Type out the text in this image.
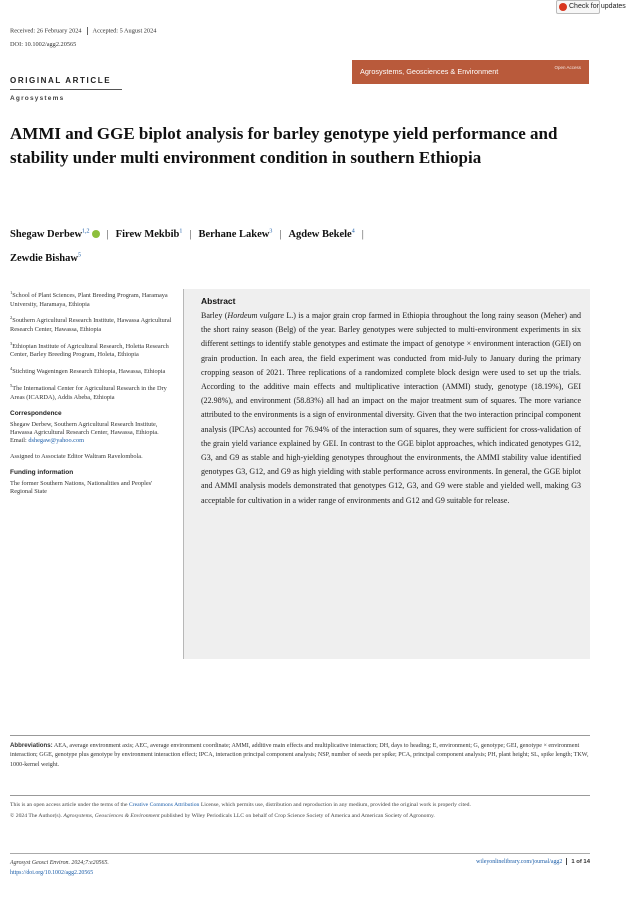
Check for updates
Received: 26 February 2024 Accepted: 5 August 2024
DOI: 10.1002/agg2.20565
ORIGINAL ARTICLE
Agrosystems
Agrosystems, Geosciences & Environment	Open Access
AMMI and GGE biplot analysis for barley genotype yield performance and stability under multi environment condition in southern Ethiopia
Shegaw Derbew$^{1,2}$ | Firew Mekbib$^1$ | Berhane Lakew$^3$ | Agdew Bekele$^4$ |
Zewdie Bishaw$^5$
$^1$School of Plant Sciences, Plant Breeding Program, Haramaya University, Haramaya, Ethiopia
$^2$Southern Agricultural Research Institute, Hawassa Agricultural Research Center, Hawassa, Ethiopia
$^3$Ethiopian Institute of Agricultural Research, Holetta Research Center, Barley Breeding Program, Holeta, Ethiopia
$^4$Stichting Wageningen Research Ethiopia, Hawassa, Ethiopia
$^5$The International Center for Agricultural Research in the Dry Areas (ICARDA), Addis Abeba, Ethiopia
Correspondence
Shegaw Derbew, Southern Agricultural Research Institute, Hawassa Agricultural Research Center, Hawassa, Ethiopia.
Email: dshegaw@yahoo.com
Assigned to Associate Editor Waltram Ravelombola.
Funding information
The former Southern Nations, Nationalities and Peoples' Regional State
Abstract

Barley (Hordeum vulgare L.) is a major grain crop farmed in Ethiopia throughout the long rainy season (Meher) and the short rainy season (Belg) of the year. Barley genotypes were subjected to multi-environment experiments in six different settings to identify stable genotypes and estimate the impact of genotype × environment interaction (GEI) on grain production. In each area, the field experiment was conducted from mid-July to January during the primary cropping season of 2021. Three replications of a randomized complete block design were used to set up the trials. According to the additive main effects and multiplicative interaction (AMMI) study, genotype (18.19%), GEI (22.98%), and environment (58.83%) all had an impact on the major treatment sum of squares. The more variance attributed to the environments is a sign of environmental diversity. Given that the two interaction principal component analysis (IPCAs) accounted for 76.94% of the interaction sum of squares, they were sufficient for cross-validation of the grain yield variance explained by GEI. In contrast to the GGE biplot approaches, which indicated genotypes G12, G3, and G9 as stable and high-yielding genotypes throughout the environments, the AMMI stability value identified genotypes G3, G12, and G9 as high yielding with stable performance across environments. In general, the GGE biplot and AMMI analysis models demonstrated that genotypes G12, G3, and G9 were stable and yielded well, making G3 acceptable for cultivation in a wider range of environments and G12 and G9 suitable for release.

Abbreviations: AEA, average environment axis; AEC, average environment coordinate; AMMI, additive main effects and multiplicative interaction; DH, days to heading; E, environment; G, genotype; GEI, genotype × environment interaction; GGE, genotype plus genotype by environment interaction effect; IPCA, interaction principal component analysis; NSP, number of seeds per spike; PCA, principal component analysis; PH, plant height; SL, spike length; TKW, 1000-kernel weight.

This is an open access article under the terms of the Creative Commons Attribution License, which permits use, distribution and reproduction in any medium, provided the original work is properly cited.

© 2024 The Author(s). Agrosystems, Geosciences & Environment published by Wiley Periodicals LLC on behalf of Crop Science Society of America and American Society of Agronomy.

Agrosyst Geosci Environ. 2024;7:e20565.
https://doi.org/10.1002/agg2.20565
wileyonlinelibrary.com/journal/agg2 1 of 14
